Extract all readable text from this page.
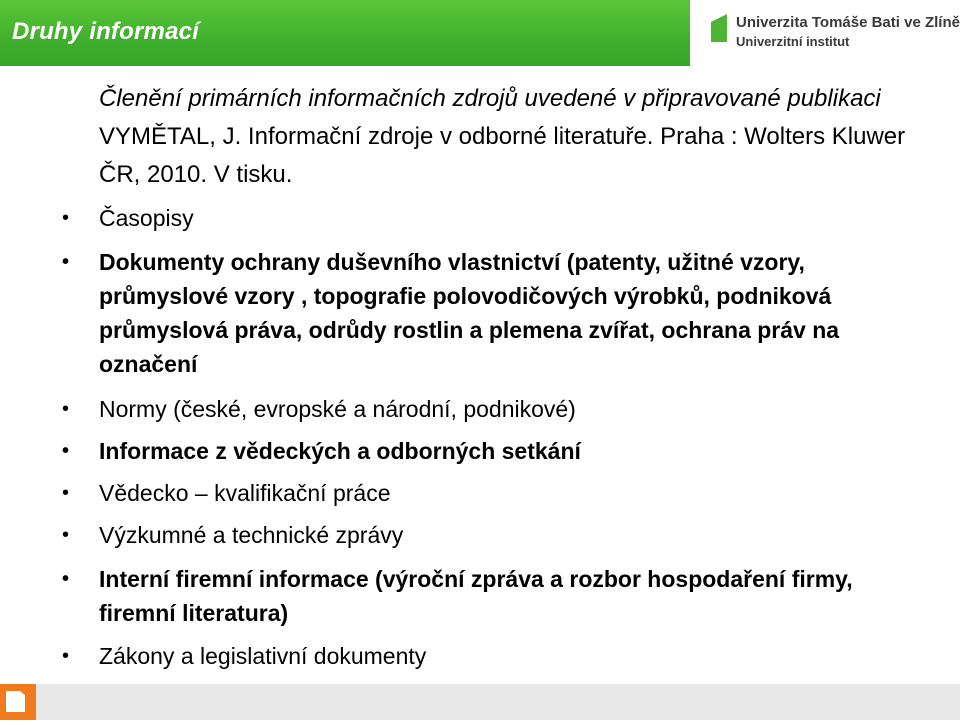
Druhy informací	Univerzita Tomáše Bati ve Zlíně
Univerzitní institut
Členění primárních informačních zdrojů uvedené v připravované publikaci
VYMĚTAL, J. Informační zdroje v odborné literatuře. Praha : Wolters Kluwer
ČR, 2010. V tisku.
• Časopisy
• Dokumenty ochrany duševního vlastnictví (patenty, užitné vzory, průmyslové vzory , topografie polovodičových výrobků, podniková průmyslová práva, odrůdy rostlin a plemena zvířat, ochrana práv na označení
• Normy (české, evropské a národní, podnikové)
• Informace z vědeckých a odborných setkání
• Vědecko – kvalifikační práce
• Výzkumné a technické zprávy
• Interní firemní informace (výroční zpráva a rozbor hospodaření firmy, firemní literatura)
• Zákony a legislativní dokumenty
